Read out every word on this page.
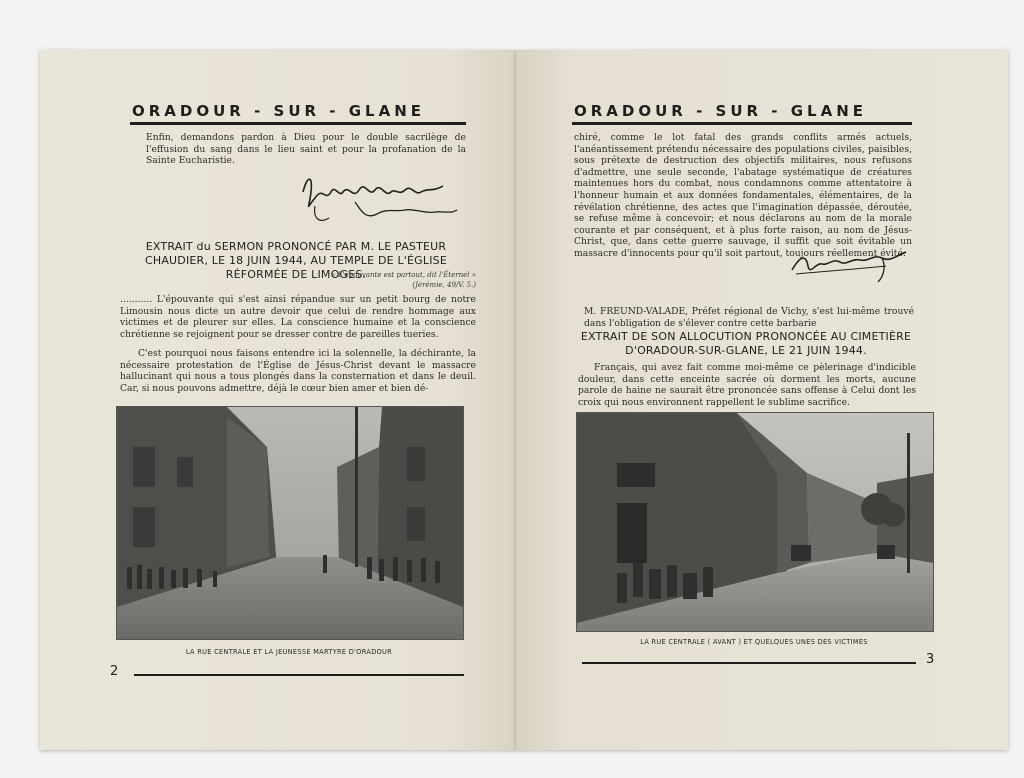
ORADOUR - SUR - GLANE
Enfin, demandons pardon à Dieu pour le double sacrilège de l'effusion du sang dans le lieu saint et pour la profanation de la Sainte Eucharistie.
EXTRAIT du SERMON PRONONCÉ PAR M. LE PASTEUR CHAUDIER, LE 18 JUIN 1944, AU TEMPLE DE L'ÉGLISE RÉFORMÉE DE LIMOGES.
« L'épouvante est partout, dit l'Éternel »
(Jérémie, 49/V. 5.)
........... L'épouvante qui s'est ainsi répandue sur un petit bourg de notre Limousin nous dicte un autre devoir que celui de rendre hommage aux victimes et de pleurer sur elles. La conscience humaine et la conscience chrétienne se rejoignent pour se dresser contre de pareilles tueries.
C'est pourquoi nous faisons entendre ici la solennelle, la déchirante, la nécessaire protestation de l'Église de Jésus-Christ devant le massacre hallucinant qui nous a tous plongés dans la consternation et dans le deuil. Car, si nous pouvons admettre, déjà le cœur bien amer et bien dé-
LA RUE CENTRALE ET LA JEUNESSE MARTYRE D'ORADOUR
2
ORADOUR - SUR - GLANE
chiré, comme le lot fatal des grands conflits armés actuels, l'anéantissement prétendu nécessaire des populations civiles, paisibles, sous prétexte de destruction des objectifs militaires, nous refusons d'admettre, une seule seconde, l'abatage systématique de créatures maintenues hors du combat, nous condamnons comme attentatoire à l'honneur humain et aux données fondamentales, élémentaires, de la révélation chrétienne, des actes que l'imagination dépassée, déroutée, se refuse même à concevoir; et nous déclarons au nom de la morale courante et par conséquent, et à plus forte raison, au nom de Jésus-Christ, que, dans cette guerre sauvage, il suffit que soit évitable un massacre d'innocents pour qu'il soit partout, toujours réellement évité.
M. FREUND-VALADE, Préfet régional de Vichy, s'est lui-même trouvé dans l'obligation de s'élever contre cette barbarie
EXTRAIT DE SON ALLOCUTION PRONONCÉE AU CIMETIÈRE D'ORADOUR-SUR-GLANE, LE 21 JUIN 1944.
Français, qui avez fait comme moi-même ce pèlerinage d'indicible douleur, dans cette enceinte sacrée où dorment les morts, aucune parole de haine ne saurait être prononcée sans offense à Celui dont les croix qui nous environnent rappellent le sublime sacrifice.
LA RUE CENTRALE ( AVANT ) ET QUELQUES UNES DES VICTIMES
3
